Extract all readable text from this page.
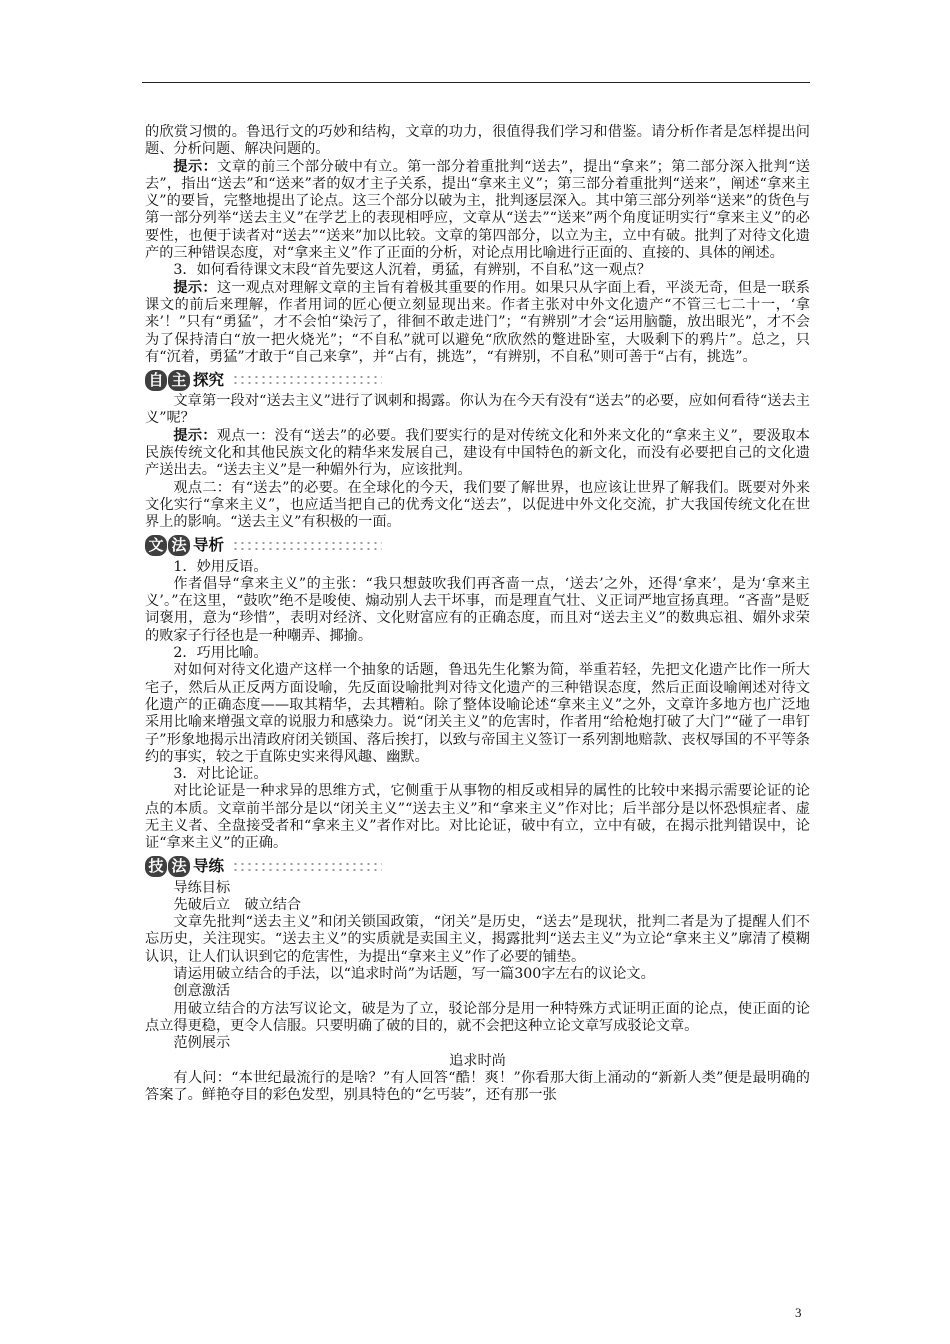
的欣赏习惯的。鲁迅行文的巧妙和结构，文章的功力，很值得我们学习和借鉴。请分析作者是怎样提出问题、分析问题、解决问题的。

提示：文章的前三个部分破中有立。第一部分着重批判“送去”，提出“拿来”；第二部分深入批判“送去”，指出“送去”和“送来”者的奴才主子关系，提出“拿来主义”；第三部分着重批判“送来”，阐述“拿来主义”的要旨，完整地提出了论点。这三个部分以破为主，批判逐层深入。其中第三部分列举“送来”的货色与第一部分列举“送去主义”在学艺上的表现相呼应，文章从“送去”“送来”两个角度证明实行“拿来主义”的必要性，也便于读者对“送去”“送来”加以比较。文章的第四部分，以立为主，立中有破。批判了对待文化遗产的三种错误态度，对“拿来主义”作了正面的分析，对论点用比喻进行正面的、直接的、具体的阐述。

3．如何看待课文末段“首先要这人沉着，勇猛，有辨别，不自私”这一观点？

提示：这一观点对理解文章的主旨有着极其重要的作用。如果只从字面上看，平淡无奇，但是一联系课文的前后来理解，作者用词的匠心便立刻显现出来。作者主张对中外文化遗产“不管三七二十一，‘拿来’！”只有“勇猛”，才不会怕“染污了，徘徊不敢走进门”；“有辨别”才会“运用脑髓，放出眼光”，才不会为了保持清白“放一把火烧光”；“不自私”就可以避免“欣欣然的蹩进卧室，大吸剩下的鸦片”。总之，只有“沉着，勇猛”才敢于“自己来拿”，并“占有，挑选”，“有辨别，不自私”则可善于“占有，挑选”。

自 主 探究

文章第一段对“送去主义”进行了讽刺和揭露。你认为在今天有没有“送去”的必要，应如何看待“送去主义”呢？

提示：观点一：没有“送去”的必要。我们要实行的是对传统文化和外来文化的“拿来主义”，要汲取本民族传统文化和其他民族文化的精华来发展自己，建设有中国特色的新文化，而没有必要把自己的文化遗产送出去。“送去主义”是一种媚外行为，应该批判。

观点二：有“送去”的必要。在全球化的今天，我们要了解世界，也应该让世界了解我们。既要对外来文化实行“拿来主义”，也应适当把自己的优秀文化“送去”，以促进中外文化交流，扩大我国传统文化在世界上的影响。“送去主义”有积极的一面。

文 法 导析

1．妙用反语。

作者倡导“拿来主义”的主张：“我只想鼓吹我们再吝啬一点，‘送去’之外，还得‘拿来’，是为‘拿来主义’。”在这里，“鼓吹”绝不是唆使、煽动别人去干坏事，而是理直气壮、义正词严地宣扬真理。“吝啬”是贬词褒用，意为“珍惜”，表明对经济、文化财富应有的正确态度，而且对“送去主义”的数典忘祖、媚外求荣的败家子行径也是一种嘲弄、揶揄。

2．巧用比喻。

对如何对待文化遗产这样一个抽象的话题，鲁迅先生化繁为简，举重若轻，先把文化遗产比作一所大宅子，然后从正反两方面设喻，先反面设喻批判对待文化遗产的三种错误态度，然后正面设喻阐述对待文化遗产的正确态度——取其精华，去其糟粕。除了整体设喻论述“拿来主义”之外，文章许多地方也广泛地采用比喻来增强文章的说服力和感染力。说“闭关主义”的危害时，作者用“给枪炮打破了大门”“碰了一串钉子”形象地揭示出清政府闭关锁国、落后挨打，以致与帝国主义签订一系列割地赔款、丧权辱国的不平等条约的事实，较之于直陈史实来得风趣、幽默。

3．对比论证。

对比论证是一种求异的思维方式，它侧重于从事物的相反或相异的属性的比较中来揭示需要论证的论点的本质。文章前半部分是以“闭关主义”“送去主义”和“拿来主义”作对比；后半部分是以怀恐惧症者、虚无主义者、全盘接受者和“拿来主义”者作对比。对比论证，破中有立，立中有破，在揭示批判错误中，论证“拿来主义”的正确。

技 法 导练

导练目标

先破后立　破立结合

文章先批判“送去主义”和闭关锁国政策，“闭关”是历史，“送去”是现状，批判二者是为了提醒人们不忘历史，关注现实。“送去主义”的实质就是卖国主义，揭露批判“送去主义”为立论“拿来主义”廓清了模糊认识，让人们认识到它的危害性，为提出“拿来主义”作了必要的铺垫。

请运用破立结合的手法，以“追求时尚”为话题，写一篇300字左右的议论文。

创意激活

用破立结合的方法写议论文，破是为了立，驳论部分是用一种特殊方式证明正面的论点，使正面的论点立得更稳，更令人信服。只要明确了破的目的，就不会把这种立论文章写成驳论文章。

范例展示

追求时尚

有人问：“本世纪最流行的是啥？”有人回答“酷！爽！”你看那大街上涌动的“新新人类”便是最明确的答案了。鲜艳夺目的彩色发型，别具特色的“乞丐装”，还有那一张

3
